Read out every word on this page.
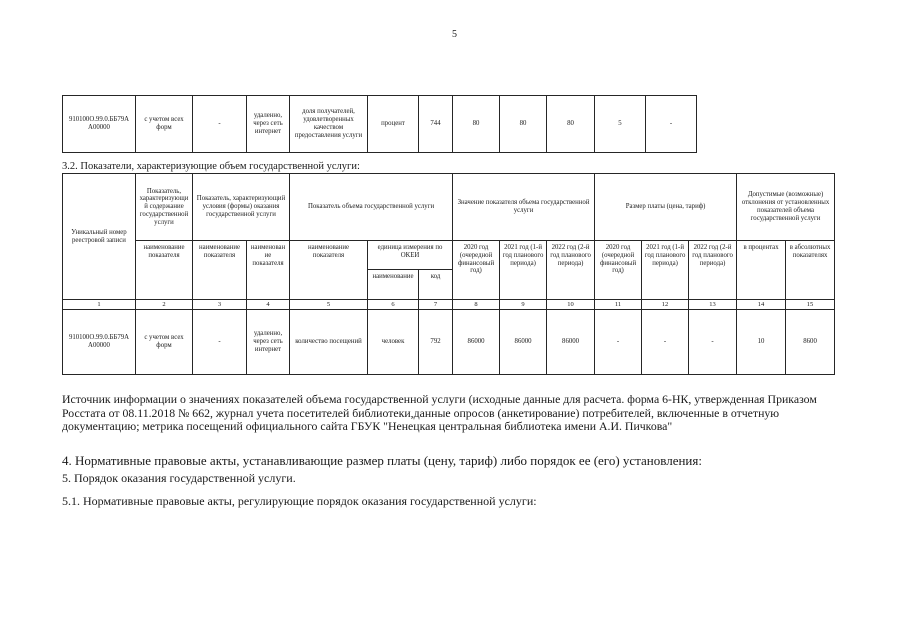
5
910100О.99.0.ББ79А
А00000	с учетом всех форм	-	удаленно, через сеть интернет	доля получателей, удовлетворенных качеством предоставления услуги	процент	744	80	80	80	5	-
3.2. Показатели, характеризующие объем государственной услуги:
Уникальный номер реестровой записи	Показатель, характеризующий содержание государственной услуги	Показатель, характеризующий условия (формы) оказания государственной услуги		Показатель объема государственной услуги			Значение показателя объема государственной услуги			Размер платы (цена, тариф)			Допустимые (возможные) отклонения от установленных показателей объема государственной услуги	
	наименование показателя	наименование показателя	наименование показателя	наименование показателя	единица измерения по ОКЕИ		2020 год (очередной финансовый год)	2021 год (1-й год планового периода)	2022 год (2-й год планового периода)	2020 год (очередной финансовый год)	2021 год (1-й год планового периода)	2022 год (2-й год планового периода)	в процентах	в абсолютных показателях
					наименование	код								
1	2	3	4	5	6	7	8	9	10	11	12	13	14	15
910100О.99.0.ББ79А
А00000	с учетом всех форм	-	удаленно, через сеть интернет	количество посещений	человек	792	86000	86000	86000	-	-	-	10	8600
Источник информации о значениях показателей объема государственной услуги (исходные данные для расчета. форма 6-НК, утвержденная Приказом
Росстата от 08.11.2018 № 662, журнал учета посетителей библиотеки,данные опросов (анкетирование) потребителей, включенные в отчетную
документацию; метрика посещений официального сайта ГБУК "Ненецкая центральная библиотека имени А.И. Пичкова"
4. Нормативные правовые акты, устанавливающие размер платы (цену, тариф) либо порядок ее (его) установления:
5. Порядок оказания государственной услуги.
5.1. Нормативные правовые акты, регулирующие порядок оказания государственной услуги:
